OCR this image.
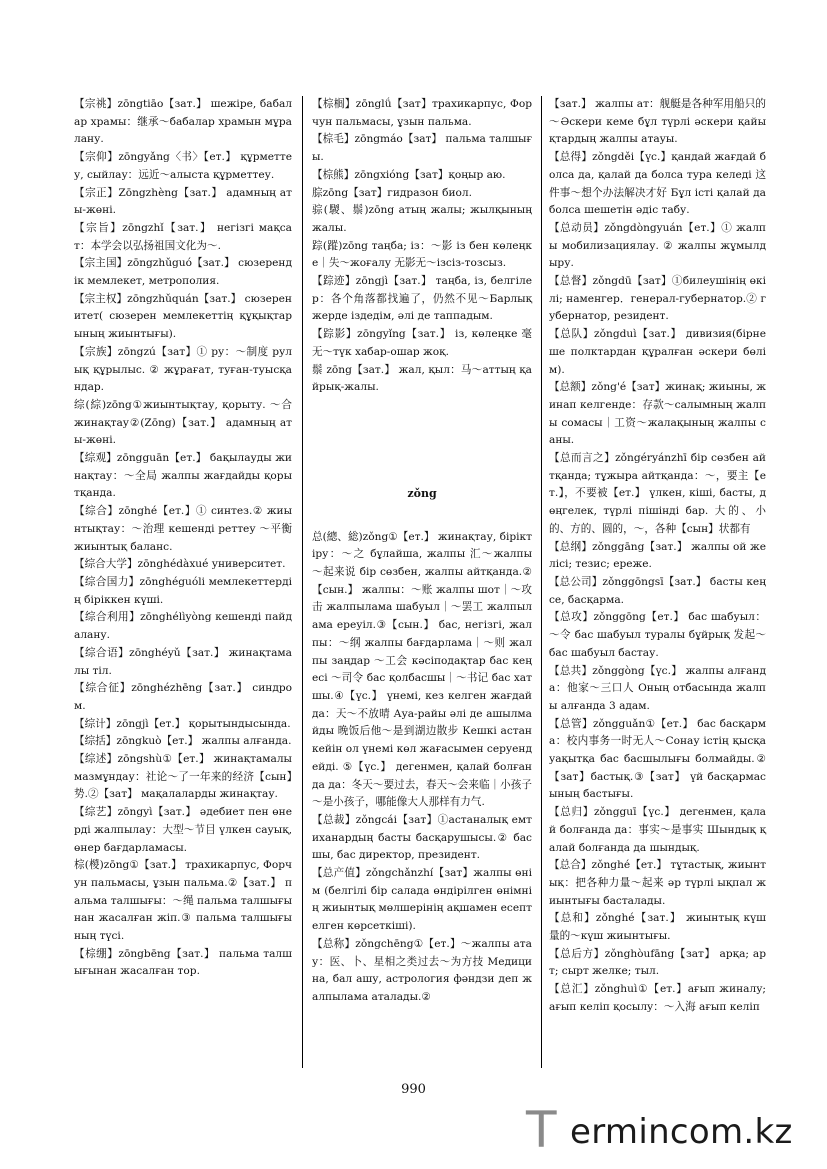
【宗祧】zōngtiāo【зат.】 шежіре, бабалар храмы：继承～бабалар храмын мұралану.

【宗仰】zōngyǎng〈书〉【ет.】 құрметтеу, сыйлау：远近～алыста құрметтеу.

【宗正】Zōngzhèng【зат.】 адамның аты-жөні.

【宗旨】zōngzhǐ【зат.】 негізгі мақсат：本学会以弘扬祖国文化为～.

【宗主国】zōngzhǔguó【зат.】 сюзерендік мемлекет, метрополия.

【宗主权】zōngzhǔquán【зат.】 сюзеренитет( сюзерен мемлекеттің құқықтарының жиынтығы).

【宗族】zōngzú【зат】① ру：～制度 рулық құрылыс. ② жұрағат, туған-туысқандар.

综(綜)zōng①жиынтықтау, қорыту. ～合 жинақтау②(Zōng)【зат.】 адамның аты-жөні.

【综观】zōngguān【ет.】 бақылауды жинақтау：～全局 жалпы жағдайды қорытқанда.

【综合】zōnghé【ет.】① синтез.② жиынтықтау：～治理 кешенді реттеу ～平衡 жиынтық баланс.

【综合大学】zōnghédàxué университет.

【综合国力】zōnghéguóli мемлекеттердің біріккен күші.

【综合利用】zōnghélìyòng кешенді пайдалану.

【综合语】zōnghéyǔ【зат.】 жинақтамалы тіл.

【综合征】zōnghézhēng【зат.】 синдром.

【综计】zōngjì【ет.】 қорытындысында.

【综括】zōngkuò【ет.】 жалпы алғанда.

【综述】zōngshù①【ет.】 жинақтамалы мазмұндау：社论～了一年来的经济【сын】势.②【зат】 мақалаларды жинақтау.

【综艺】zōngyì【зат.】 әдебиет пен өнерді жалпылау：大型～节目 үлкен сауық, өнер бағдарламасы.

棕(椶)zōng①【зат.】 трахикарпус, Форчун пальмасы, ұзын пальма.②【зат.】 пальма талшығы：～绳 пальма талшығынан жасалған жіп.③ пальма талшығының түсі.

【棕绷】zōngbēng【зат.】 пальма талшығынан жасалған тор.

【棕榈】zōnglǘ【зат】трахикарпус, Форчун пальмасы, ұзын пальма.

【棕毛】zōngmáo【зат】 пальма талшығы.

【棕熊】zōngxióng【зат】қоңыр аю.

腙zōng【зат】гидразон биол.

骔(騣、鬃)zōng атың жалы; жылқының жалы.

踪(蹤)zōng таңба; із：～影 із бен көлеңке｜失～жоғалу 无影无～ізсіз-тозсыз.

【踪迹】zōngjì【зат.】 таңба, із, белгілер：各个角落都找遍了，仍然不见～Барлық жерде іздедім, әлі де таппадым.

【踪影】zōngyǐng【зат.】 із, көлеңке 毫无～түк хабар-ошар жоқ.

鬃 zōng【зат.】 жал, қыл：马～аттың қайрық-жалы.

zǒng

总(總、総)zǒng①【ет.】 жинақтау, біріктіру：～之 бұлайша, жалпы 汇～жалпы ～起来说 бір сөзбен, жалпы айтқанда.②【сын.】 жалпы：～账 жалпы шот｜～攻击 жалпылама шабуыл｜～罢工 жалпылама ереуіл.③【сын.】 бас, негізгі, жалпы：～纲 жалпы бағдарлама｜～则 жалпы заңдар ～工会 кәсіподақтар бас кеңесі ～司令 бас қолбасшы｜～书记 бас хатшы.④【үс.】 үнемі, кез келген жағдайда：天～不放晴 Ауа-райы әлі де ашылмайды 晚饭后他～是到湖边散步 Кешкі астан кейін ол үнемі көл жағасымен серуендейді. ⑤【үс.】 дегенмен, қалай болғанда да：冬天～要过去，春天～会来临｜小孩子～是小孩子，哪能像大人那样有力气.

【总裁】zǒngcái【зат】①астаналық емтиханардың басты басқарушысы.② басшы, бас директор, президент.

【总产值】zǒngchǎnzhí【зат】жалпы өнім (белгілі бір салада өндірілген өнімнің жиынтық мөлшерінің ақшамен есептелген көрсеткіші).

【总称】zǒngchēng①【ет.】～жалпы атау：医、卜、星相之类过去～为方技 Медицина, бал ашу, астрология фәндзи деп жалпылама аталады.②

【зат.】 жалпы ат：舰艇是各种军用船只的～Әскери кеме бұл түрлі әскери қайықтардың жалпы атауы.

【总得】zǒngděi【үс.】қандай жағдай болса да, қалай да болса тура келеді 这件事～想个办法解决才好 Бұл істі қалай да болса шешетін әдіс табу.

【总动员】zǒngdòngyuán【ет.】① жалпы мобилизациялау. ② жалпы жұмылдыру.

【总督】zǒngdū【зат】①билеушінің өкілі; наменгер．генерал-губернатор.② губернатор, резидент.

【总队】zǒngduì【зат.】 дивизия(бірнеше полктардан құралған әскери бөлім).

【总额】zǒng'é【зат】жинақ; жиыны, жинап келгенде：存款～салымның жалпы сомасы｜工资～жалақының жалпы саны.

【总而言之】zǒngéryánzhī бір сөзбен айтқанда; тұжыра айтқанда：～，要主【ет.】，不要被【ет.】 үлкен, кіші, басты, дөңгелек, түрлі пішінді бар. 大的、小的、方的、圆的，～，各种【сын】状都有

【总纲】zǒnggāng【зат.】 жалпы ой желісі; тезис; ереже.

【总公司】zǒnggōngsī【зат.】 басты кеңсе, басқарма.

【总攻】zǒnggōng【ет.】 бас шабуыл：～令 бас шабуыл туралы бұйрық 发起～бас шабуыл бастау.

【总共】zǒnggòng【үс.】 жалпы алғанда：他家～三口人 Оның отбасында жалпы алғанда 3 адам.

【总管】zǒngguǎn①【ет.】 бас басқарма：校内事务一时无人～Сонау істің қысқа уақытқа бас басшылығы болмайды.②【зат】бастық.③【зат】 үй басқармасының бастығы.

【总归】zǒngguī【үс.】 дегенмен, қалай болғанда да：事实～是事实 Шындық қалай болғанда да шындық.

【总合】zǒnghé【ет.】 тұтастық, жиынтық：把各种力量～起来 әр түрлі ықпал жиынтығы басталады.

【总和】zǒnghé【зат.】 жиынтық күш 量的～күш жиынтығы.

【总后方】zǒnghòufāng【зат】 арқа; арт; сырт желке; тыл.

【总汇】zǒnghuì①【ет.】ағып жиналу; ағып келіп қосылу：～入海 ағып келіп

990
T ermincom.kz
